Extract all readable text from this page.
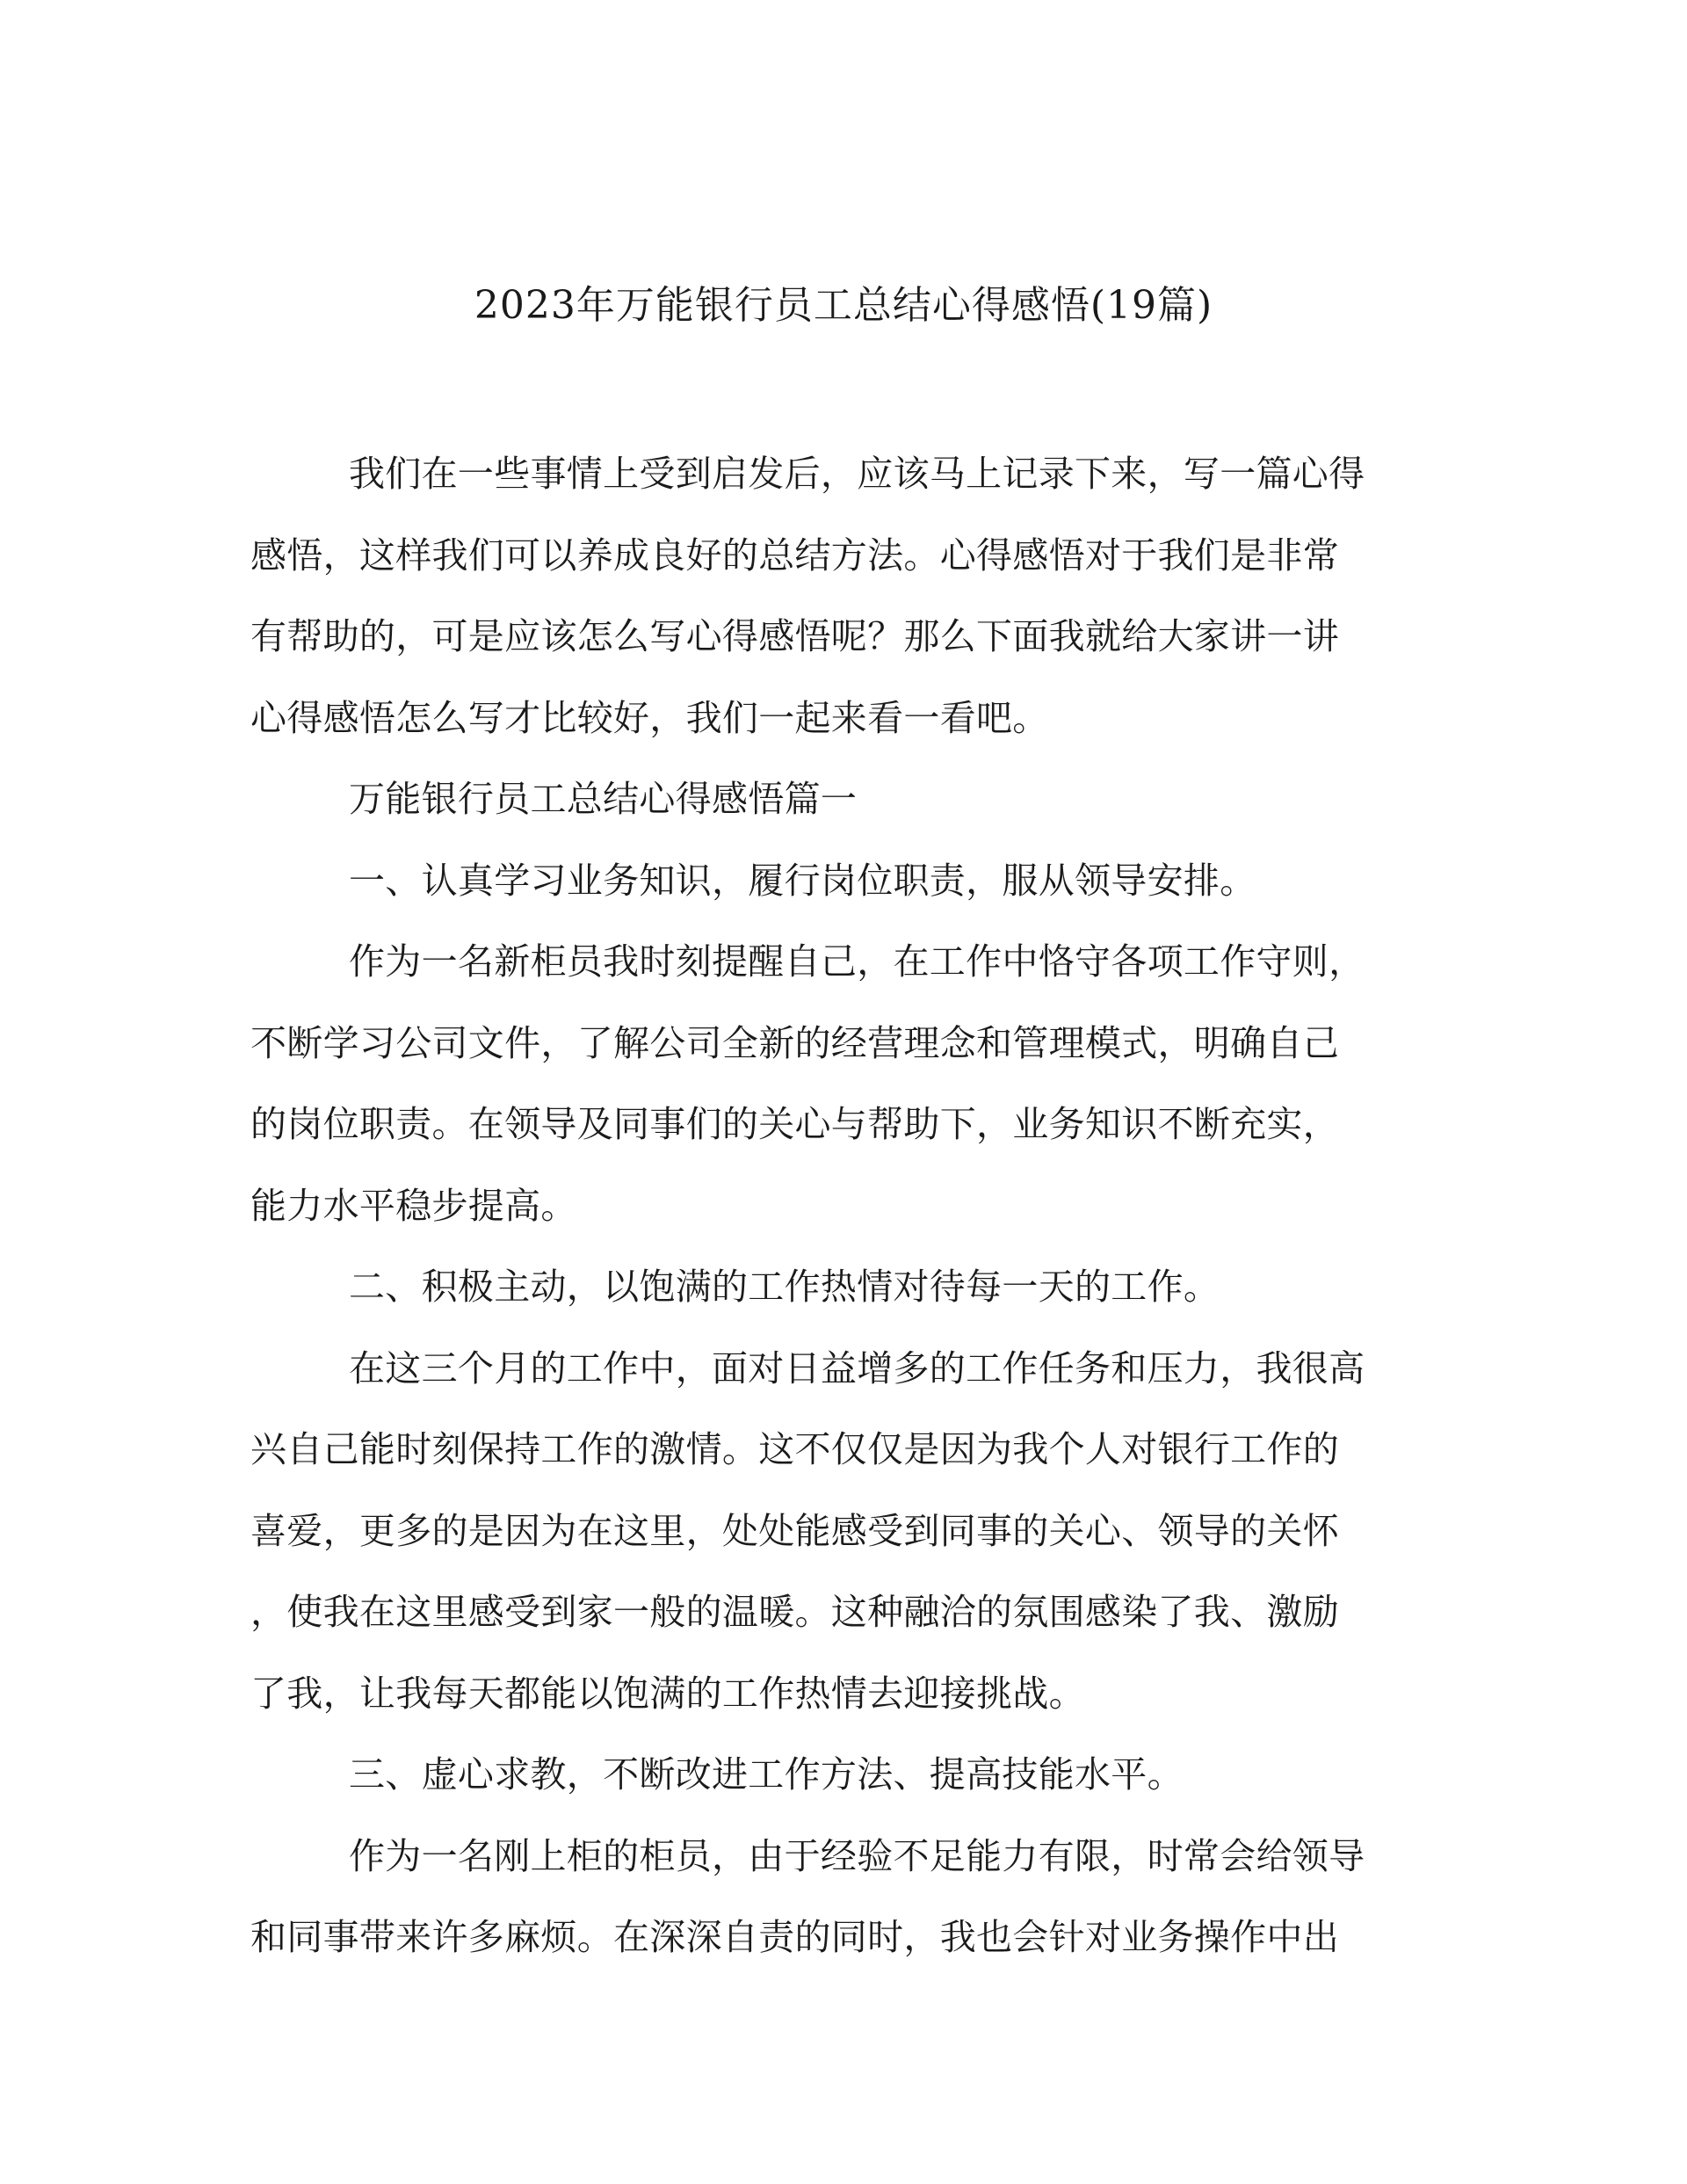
2023年万能银行员工总结心得感悟(19篇)
我们在一些事情上受到启发后，应该马上记录下来，写一篇心得
感悟，这样我们可以养成良好的总结方法。心得感悟对于我们是非常
有帮助的，可是应该怎么写心得感悟呢？那么下面我就给大家讲一讲
心得感悟怎么写才比较好，我们一起来看一看吧。
万能银行员工总结心得感悟篇一
一、认真学习业务知识，履行岗位职责，服从领导安排。
作为一名新柜员我时刻提醒自己，在工作中恪守各项工作守则，
不断学习公司文件，了解公司全新的经营理念和管理模式，明确自己
的岗位职责。在领导及同事们的关心与帮助下，业务知识不断充实，
能力水平稳步提高。
二、积极主动，以饱满的工作热情对待每一天的工作。
在这三个月的工作中，面对日益增多的工作任务和压力，我很高
兴自己能时刻保持工作的激情。这不仅仅是因为我个人对银行工作的
喜爱，更多的是因为在这里，处处能感受到同事的关心、领导的关怀
，使我在这里感受到家一般的温暖。这种融洽的氛围感染了我、激励
了我，让我每天都能以饱满的工作热情去迎接挑战。
三、虚心求教，不断改进工作方法、提高技能水平。
作为一名刚上柜的柜员，由于经验不足能力有限，时常会给领导
和同事带来许多麻烦。在深深自责的同时，我也会针对业务操作中出
